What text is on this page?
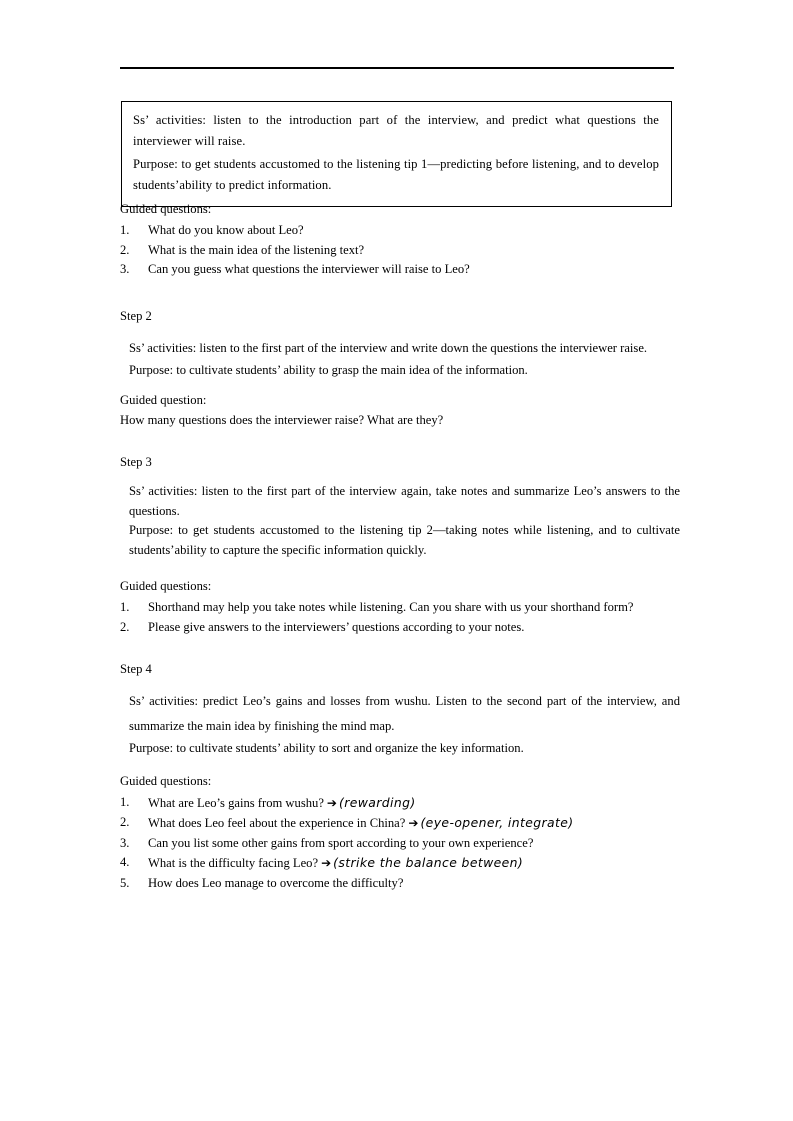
Ss’ activities: listen to the introduction part of the interview, and predict what questions the interviewer will raise.

Purpose: to get students accustomed to the listening tip 1—predicting before listening, and to develop students’ability to predict information.

Guided questions:

1. What do you know about Leo?
2. What is the main idea of the listening text?
3. Can you guess what questions the interviewer will raise to Leo?

Step 2

Ss’ activities: listen to the first part of the interview and write down the questions the interviewer raise.

Purpose: to cultivate students’ ability to grasp the main idea of the information.

Guided question:

How many questions does the interviewer raise? What are they?

Step 3

Ss’ activities: listen to the first part of the interview again, take notes and summarize Leo’s answers to the questions.

Purpose: to get students accustomed to the listening tip 2—taking notes while listening, and to cultivate students’ability to capture the specific information quickly.

Guided questions:

1. Shorthand may help you take notes while listening. Can you share with us your shorthand form?
2. Please give answers to the interviewers’ questions according to your notes.

Step 4

Ss’ activities: predict Leo’s gains and losses from wushu. Listen to the second part of the interview, and summarize the main idea by finishing the mind map.

Purpose: to cultivate students’ ability to sort and organize the key information.

Guided questions:

1. What are Leo’s gains from wushu? ➔ (rewarding)
2. What does Leo feel about the experience in China? ➔ (eye-opener, integrate)
3. Can you list some other gains from sport according to your own experience?
4. What is the difficulty facing Leo? ➔ (strike the balance between)
5. How does Leo manage to overcome the difficulty?
